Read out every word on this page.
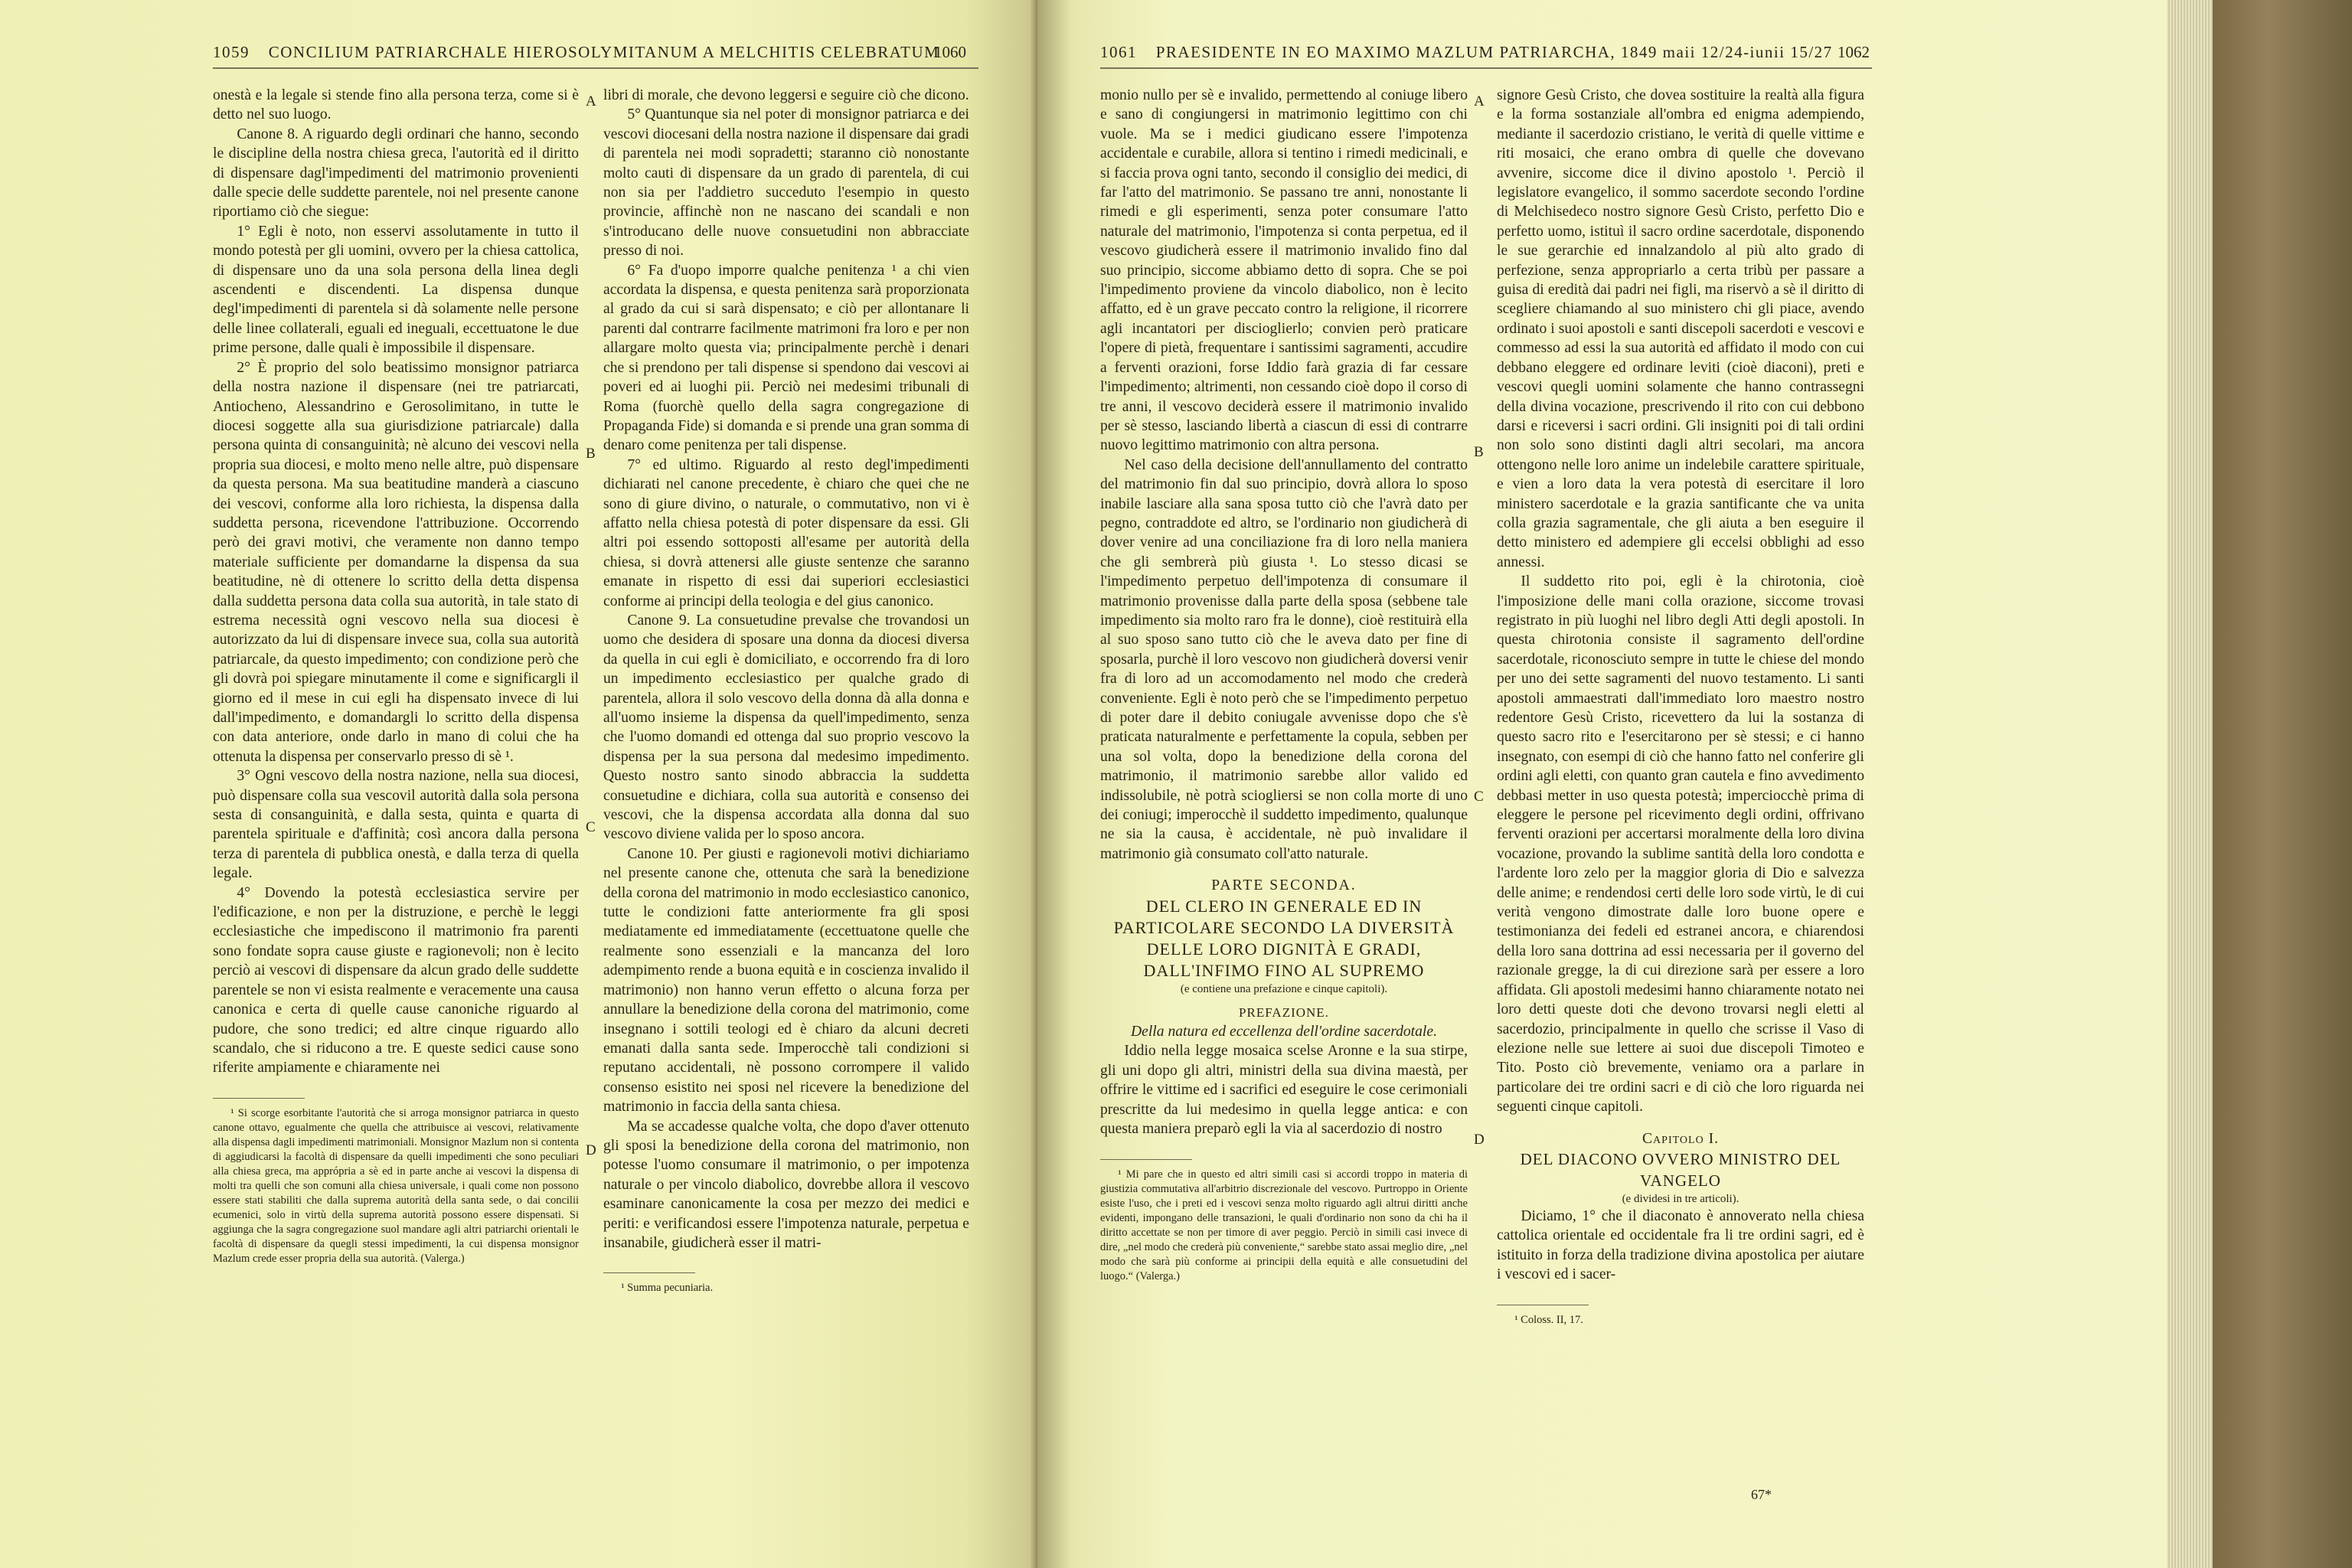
1059 CONCILIUM PATRIARCHALE HIEROSOLYMITANUM A MELCHITIS CELEBRATUM
1060

onestà e la legale si stende fino alla persona terza, come si è detto nel suo luogo.

Canone 8. A riguardo degli ordinari che hanno, secondo le discipline della nostra chiesa greca, l'autorità ed il diritto di dispensare dagl'impedimenti del matrimonio provenienti dalle specie delle suddette parentele, noi nel presente canone riportiamo ciò che siegue:

1° Egli è noto, non esservi assolutamente in tutto il mondo potestà per gli uomini, ovvero per la chiesa cattolica, di dispensare uno da una sola persona della linea degli ascendenti e discendenti. La dispensa dunque degl'impedimenti di parentela si dà solamente nelle persone delle linee collaterali, eguali ed ineguali, eccettuatone le due prime persone, dalle quali è impossibile il dispensare.

2° È proprio del solo beatissimo monsignor patriarca della nostra nazione il dispensare (nei tre patriarcati, Antiocheno, Alessandrino e Gerosolimitano, in tutte le diocesi soggette alla sua giurisdizione patriarcale) dalla persona quinta di consanguinità; nè alcuno dei vescovi nella propria sua diocesi, e molto meno nelle altre, può dispensare da questa persona. Ma sua beatitudine manderà a ciascuno dei vescovi, conforme alla loro richiesta, la dispensa dalla suddetta persona, ricevendone l'attribuzione. Occorrendo però dei gravi motivi, che veramente non danno tempo materiale sufficiente per domandarne la dispensa da sua beatitudine, nè di ottenere lo scritto della detta dispensa dalla suddetta persona data colla sua autorità, in tale stato di estrema necessità ogni vescovo nella sua diocesi è autorizzato da lui di dispensare invece sua, colla sua autorità patriarcale, da questo impedimento; con condizione però che gli dovrà poi spiegare minutamente il come e significargli il giorno ed il mese in cui egli ha dispensato invece di lui dall'impedimento, e domandargli lo scritto della dispensa con data anteriore, onde darlo in mano di colui che ha ottenuta la dispensa per conservarlo presso di sè ¹.

3° Ogni vescovo della nostra nazione, nella sua diocesi, può dispensare colla sua vescovil autorità dalla sola persona sesta di consanguinità, e dalla sesta, quinta e quarta di parentela spirituale e d'affinità; così ancora dalla persona terza di parentela di pubblica onestà, e dalla terza di quella legale.

4° Dovendo la potestà ecclesiastica servire per l'edificazione, e non per la distruzione, e perchè le leggi ecclesiastiche che impediscono il matrimonio fra parenti sono fondate sopra cause giuste e ragionevoli; non è lecito perciò ai vescovi di dispensare da alcun grado delle suddette parentele se non vi esista realmente e veracemente una causa canonica e certa di quelle cause canoniche riguardo al pudore, che sono tredici; ed altre cinque riguardo allo scandalo, che si riducono a tre. E queste sedici cause sono riferite ampiamente e chiaramente nei

¹ Si scorge esorbitante l'autorità che si arroga monsignor patriarca in questo canone ottavo, egualmente che quella che attribuisce ai vescovi, relativamente alla dispensa dagli impedimenti matrimoniali. Monsignor Mazlum non si contenta di aggiudicarsi la facoltà di dispensare da quelli impedimenti che sono peculiari alla chiesa greca, ma apprópria a sè ed in parte anche ai vescovi la dispensa di molti tra quelli che son comuni alla chiesa universale, i quali come non possono essere stati stabiliti che dalla suprema autorità della santa sede, o dai concilii ecumenici, solo in virtù della suprema autorità possono essere dispensati. Si aggiunga che la sagra congregazione suol mandare agli altri patriarchi orientali le facoltà di dispensare da quegli stessi impedimenti, la cui dispensa monsignor Mazlum crede esser propria della sua autorità. (Valerga.)

libri di morale, che devono leggersi e seguire ciò che dicono.

5° Quantunque sia nel poter di monsignor patriarca e dei vescovi diocesani della nostra nazione il dispensare dai gradi di parentela nei modi sopradetti; staranno ciò nonostante molto cauti di dispensare da un grado di parentela, di cui non sia per l'addietro succeduto l'esempio in questo provincie, affinchè non ne nascano dei scandali e non s'introducano delle nuove consuetudini non abbracciate presso di noi.

6° Fa d'uopo imporre qualche penitenza ¹ a chi vien accordata la dispensa, e questa penitenza sarà proporzionata al grado da cui si sarà dispensato; e ciò per allontanare li parenti dal contrarre facilmente matrimoni fra loro e per non allargare molto questa via; principalmente perchè i denari che si prendono per tali dispense si spendono dai vescovi ai poveri ed ai luoghi pii. Perciò nei medesimi tribunali di Roma (fuorchè quello della sagra congregazione di Propaganda Fide) si domanda e si prende una gran somma di denaro come penitenza per tali dispense.

7° ed ultimo. Riguardo al resto degl'impedimenti dichiarati nel canone precedente, è chiaro che quei che ne sono di giure divino, o naturale, o commutativo, non vi è affatto nella chiesa potestà di poter dispensare da essi. Gli altri poi essendo sottoposti all'esame per autorità della chiesa, si dovrà attenersi alle giuste sentenze che saranno emanate in rispetto di essi dai superiori ecclesiastici conforme ai principi della teologia e del gius canonico.

Canone 9. La consuetudine prevalse che trovandosi un uomo che desidera di sposare una donna da diocesi diversa da quella in cui egli è domiciliato, e occorrendo fra di loro un impedimento ecclesiastico per qualche grado di parentela, allora il solo vescovo della donna dà alla donna e all'uomo insieme la dispensa da quell'impedimento, senza che l'uomo domandi ed ottenga dal suo proprio vescovo la dispensa per la sua persona dal medesimo impedimento. Questo nostro santo sinodo abbraccia la suddetta consuetudine e dichiara, colla sua autorità e consenso dei vescovi, che la dispensa accordata alla donna dal suo vescovo diviene valida per lo sposo ancora.

Canone 10. Per giusti e ragionevoli motivi dichiariamo nel presente canone che, ottenuta che sarà la benedizione della corona del matrimonio in modo ecclesiastico canonico, tutte le condizioni fatte anteriormente fra gli sposi mediatamente ed immediatamente (eccettuatone quelle che realmente sono essenziali e la mancanza del loro adempimento rende a buona equità e in coscienza invalido il matrimonio) non hanno verun effetto o alcuna forza per annullare la benedizione della corona del matrimonio, come insegnano i sottili teologi ed è chiaro da alcuni decreti emanati dalla santa sede. Imperocchè tali condizioni si reputano accidentali, nè possono corrompere il valido consenso esistito nei sposi nel ricevere la benedizione del matrimonio in faccia della santa chiesa.

Ma se accadesse qualche volta, che dopo d'aver ottenuto gli sposi la benedizione della corona del matrimonio, non potesse l'uomo consumare il matrimonio, o per impotenza naturale o per vincolo diabolico, dovrebbe allora il vescovo esaminare canonicamente la cosa per mezzo dei medici e periti: e verificandosi essere l'impotenza naturale, perpetua e insanabile, giudicherà esser il matri-

¹ Summa pecuniaria.

A
B
C
D
1061 PRAESIDENTE IN EO MAXIMO MAZLUM PATRIARCHA, 1849 maii 12/24-iunii 15/27 1062

monio nullo per sè e invalido, permettendo al coniuge libero e sano di congiungersi in matrimonio legittimo con chi vuole. Ma se i medici giudicano essere l'impotenza accidentale e curabile, allora si tentino i rimedi medicinali, e si faccia prova ogni tanto, secondo il consiglio dei medici, di far l'atto del matrimonio. Se passano tre anni, nonostante li rimedi e gli esperimenti, senza poter consumare l'atto naturale del matrimonio, l'impotenza si conta perpetua, ed il vescovo giudicherà essere il matrimonio invalido fino dal suo principio, siccome abbiamo detto di sopra. Che se poi l'impedimento proviene da vincolo diabolico, non è lecito affatto, ed è un grave peccato contro la religione, il ricorrere agli incantatori per discioglierlo; convien però praticare l'opere di pietà, frequentare i santissimi sagramenti, accudire a ferventi orazioni, forse Iddio farà grazia di far cessare l'impedimento; altrimenti, non cessando cioè dopo il corso di tre anni, il vescovo deciderà essere il matrimonio invalido per sè stesso, lasciando libertà a ciascun di essi di contrarre nuovo legittimo matrimonio con altra persona.

Nel caso della decisione dell'annullamento del contratto del matrimonio fin dal suo principio, dovrà allora lo sposo inabile lasciare alla sana sposa tutto ciò che l'avrà dato per pegno, contraddote ed altro, se l'ordinario non giudicherà di dover venire ad una conciliazione fra di loro nella maniera che gli sembrerà più giusta ¹. Lo stesso dicasi se l'impedimento perpetuo dell'impotenza di consumare il matrimonio provenisse dalla parte della sposa (sebbene tale impedimento sia molto raro fra le donne), cioè restituirà ella al suo sposo sano tutto ciò che le aveva dato per fine di sposarla, purchè il loro vescovo non giudicherà doversi venir fra di loro ad un accomodamento nel modo che crederà conveniente. Egli è noto però che se l'impedimento perpetuo di poter dare il debito coniugale avvenisse dopo che s'è praticata naturalmente e perfettamente la copula, sebben per una sol volta, dopo la benedizione della corona del matrimonio, il matrimonio sarebbe allor valido ed indissolubile, nè potrà sciogliersi se non colla morte di uno dei coniugi; imperocchè il suddetto impedimento, qualunque ne sia la causa, è accidentale, nè può invalidare il matrimonio già consumato coll'atto naturale.

PARTE SECONDA.

DEL CLERO IN GENERALE ED IN PARTICOLARE SECONDO LA DIVERSITÀ DELLE LORO DIGNITÀ E GRADI, DALL'INFIMO FINO AL SUPREMO

(e contiene una prefazione e cinque capitoli).

PREFAZIONE.

Della natura ed eccellenza dell'ordine sacerdotale.

Iddio nella legge mosaica scelse Aronne e la sua stirpe, gli uni dopo gli altri, ministri della sua divina maestà, per offrire le vittime ed i sacrifici ed eseguire le cose cerimoniali prescritte da lui medesimo in quella legge antica: e con questa maniera preparò egli la via al sacerdozio di nostro

¹ Mi pare che in questo ed altri simili casi si accordi troppo in materia di giustizia commutativa all'arbitrio discrezionale del vescovo. Purtroppo in Oriente esiste l'uso, che i preti ed i vescovi senza molto riguardo agli altrui diritti anche evidenti, impongano delle transazioni, le quali d'ordinario non sono da chi ha il diritto accettate se non per timore di aver peggio. Perciò in simili casi invece di dire, „nel modo che crederà più conveniente,“ sarebbe stato assai meglio dire, „nel modo che sarà più conforme ai principii della equità e alle consuetudini del luogo.“ (Valerga.)

signore Gesù Cristo, che dovea sostituire la realtà alla figura e la forma sostanziale all'ombra ed enigma adempiendo, mediante il sacerdozio cristiano, le verità di quelle vittime e riti mosaici, che erano ombra di quelle che dovevano avvenire, siccome dice il divino apostolo ¹. Perciò il legislatore evangelico, il sommo sacerdote secondo l'ordine di Melchisedeco nostro signore Gesù Cristo, perfetto Dio e perfetto uomo, istituì il sacro ordine sacerdotale, disponendo le sue gerarchie ed innalzandolo al più alto grado di perfezione, senza appropriarlo a certa tribù per passare a guisa di eredità dai padri nei figli, ma riservò a sè il diritto di scegliere chiamando al suo ministero chi gli piace, avendo ordinato i suoi apostoli e santi discepoli sacerdoti e vescovi e commesso ad essi la sua autorità ed affidato il modo con cui debbano eleggere ed ordinare leviti (cioè diaconi), preti e vescovi quegli uomini solamente che hanno contrassegni della divina vocazione, prescrivendo il rito con cui debbono darsi e riceversi i sacri ordini. Gli insigniti poi di tali ordini non solo sono distinti dagli altri secolari, ma ancora ottengono nelle loro anime un indelebile carattere spirituale, e vien a loro data la vera potestà di esercitare il loro ministero sacerdotale e la grazia santificante che va unita colla grazia sagramentale, che gli aiuta a ben eseguire il detto ministero ed adempiere gli eccelsi obblighi ad esso annessi.

Il suddetto rito poi, egli è la chirotonia, cioè l'imposizione delle mani colla orazione, siccome trovasi registrato in più luoghi nel libro degli Atti degli apostoli. In questa chirotonia consiste il sagramento dell'ordine sacerdotale, riconosciuto sempre in tutte le chiese del mondo per uno dei sette sagramenti del nuovo testamento. Li santi apostoli ammaestrati dall'immediato loro maestro nostro redentore Gesù Cristo, ricevettero da lui la sostanza di questo sacro rito e l'esercitarono per sè stessi; e ci hanno insegnato, con esempi di ciò che hanno fatto nel conferire gli ordini agli eletti, con quanto gran cautela e fino avvedimento debbasi metter in uso questa potestà; imperciocchè prima di eleggere le persone pel ricevimento degli ordini, offrivano ferventi orazioni per accertarsi moralmente della loro divina vocazione, provando la sublime santità della loro condotta e l'ardente loro zelo per la maggior gloria di Dio e salvezza delle anime; e rendendosi certi delle loro sode virtù, le di cui verità vengono dimostrate dalle loro buone opere e testimonianza dei fedeli ed estranei ancora, e chiarendosi della loro sana dottrina ad essi necessaria per il governo del razionale gregge, la di cui direzione sarà per essere a loro affidata. Gli apostoli medesimi hanno chiaramente notato nei loro detti queste doti che devono trovarsi negli eletti al sacerdozio, principalmente in quello che scrisse il Vaso di elezione nelle sue lettere ai suoi due discepoli Timoteo e Tito. Posto ciò brevemente, veniamo ora a parlare in particolare dei tre ordini sacri e di ciò che loro riguarda nei seguenti cinque capitoli.

Capitolo I.

DEL DIACONO OVVERO MINISTRO DEL VANGELO

(e dividesi in tre articoli).

Diciamo, 1° che il diaconato è annoverato nella chiesa cattolica orientale ed occidentale fra li tre ordini sagri, ed è istituito in forza della tradizione divina apostolica per aiutare i vescovi ed i sacer-

¹ Coloss. II, 17.

A
B
C
D
67*
